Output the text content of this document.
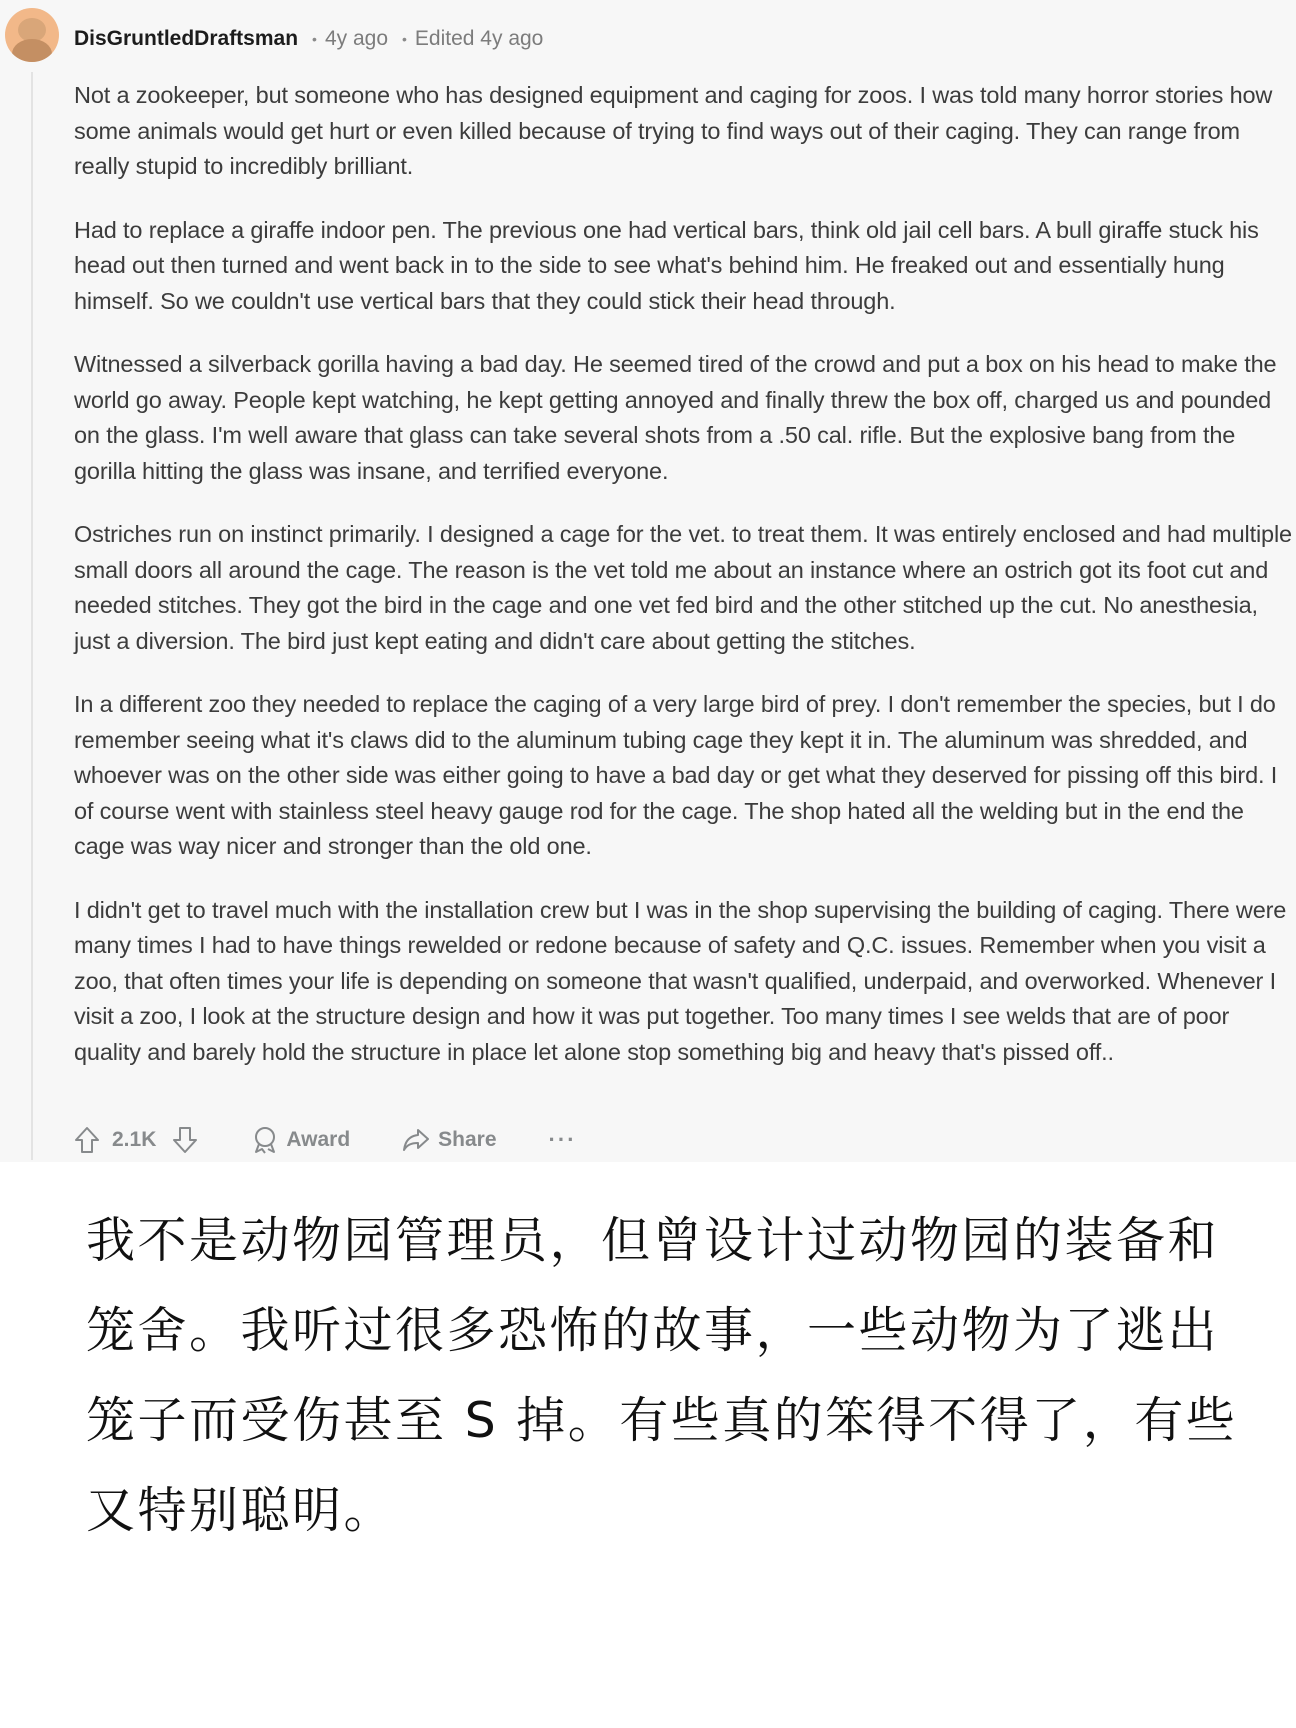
DisGruntledDraftsman • 4y ago • Edited 4y ago

Not a zookeeper, but someone who has designed equipment and caging for zoos. I was told many horror stories how some animals would get hurt or even killed because of trying to find ways out of their caging. They can range from really stupid to incredibly brilliant.

Had to replace a giraffe indoor pen. The previous one had vertical bars, think old jail cell bars. A bull giraffe stuck his head out then turned and went back in to the side to see what's behind him. He freaked out and essentially hung himself. So we couldn't use vertical bars that they could stick their head through.

Witnessed a silverback gorilla having a bad day. He seemed tired of the crowd and put a box on his head to make the world go away. People kept watching, he kept getting annoyed and finally threw the box off, charged us and pounded on the glass. I'm well aware that glass can take several shots from a .50 cal. rifle. But the explosive bang from the gorilla hitting the glass was insane, and terrified everyone.

Ostriches run on instinct primarily. I designed a cage for the vet. to treat them. It was entirely enclosed and had multiple small doors all around the cage. The reason is the vet told me about an instance where an ostrich got its foot cut and needed stitches. They got the bird in the cage and one vet fed bird and the other stitched up the cut. No anesthesia, just a diversion. The bird just kept eating and didn't care about getting the stitches.

In a different zoo they needed to replace the caging of a very large bird of prey. I don't remember the species, but I do remember seeing what it's claws did to the aluminum tubing cage they kept it in. The aluminum was shredded, and whoever was on the other side was either going to have a bad day or get what they deserved for pissing off this bird. I of course went with stainless steel heavy gauge rod for the cage. The shop hated all the welding but in the end the cage was way nicer and stronger than the old one.

I didn't get to travel much with the installation crew but I was in the shop supervising the building of caging. There were many times I had to have things rewelded or redone because of safety and Q.C. issues. Remember when you visit a zoo, that often times your life is depending on someone that wasn't qualified, underpaid, and overworked. Whenever I visit a zoo, I look at the structure design and how it was put together. Too many times I see welds that are of poor quality and barely hold the structure in place let alone stop something big and heavy that's pissed off..

2.1K	Award	Share ···

我不是动物园管理员，但曾设计过动物园的装备和笼舍。我听过很多恐怖的故事，一些动物为了逃出笼子而受伤甚至 S 掉。有些真的笨得不得了，有些又特别聪明。
